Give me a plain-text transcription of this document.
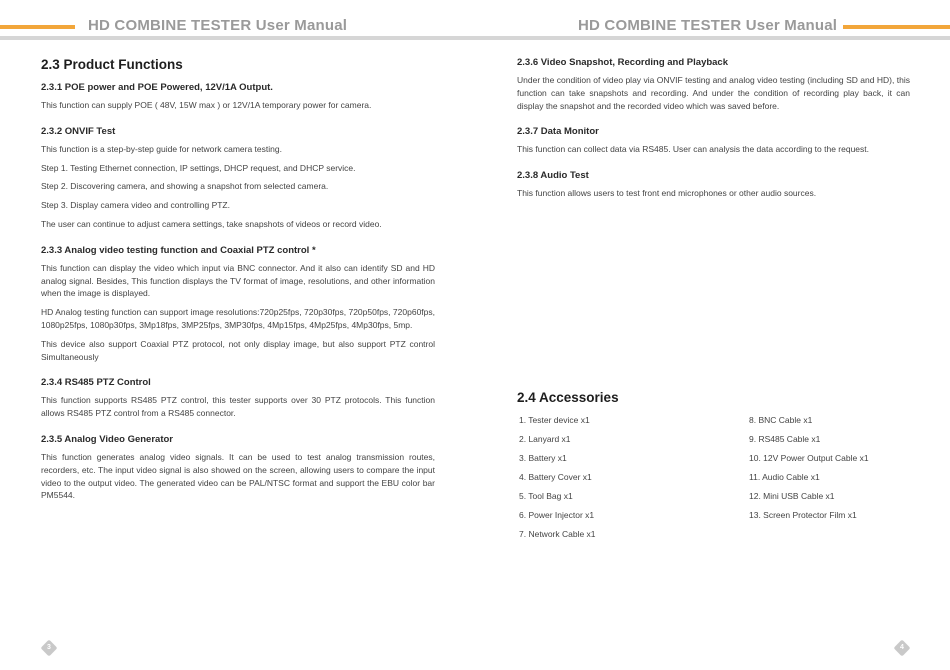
HD COMBINE TESTER User Manual
2.3 Product Functions
2.3.1 POE power and POE Powered, 12V/1A Output.

This function can supply POE ( 48V, 15W max ) or 12V/1A temporary power for camera.

2.3.2 ONVIF Test

This function is a step-by-step guide for network camera testing.

Step 1. Testing Ethernet connection, IP settings, DHCP request, and DHCP service.

Step 2. Discovering camera, and showing a snapshot from selected camera.

Step 3. Display camera video and controlling PTZ.

The user can continue to adjust camera settings, take snapshots of videos or record video.

2.3.3 Analog video testing function and Coaxial PTZ control *

This function can display the video which input via BNC connector. And it also can identify SD and HD analog signal. Besides, This function displays the TV format of image, resolutions, and other information when the image is displayed.

HD Analog testing function can support image resolutions:720p25fps, 720p30fps, 720p50fps, 720p60fps, 1080p25fps, 1080p30fps, 3Mp18fps, 3MP25fps, 3MP30fps, 4Mp15fps, 4Mp25fps, 4Mp30fps, 5mp.

This device also support Coaxial PTZ protocol, not only display image, but also support PTZ control Simultaneously

2.3.4 RS485 PTZ Control

This function supports RS485 PTZ control, this tester supports over 30 PTZ protocols. This function allows RS485 PTZ control from a RS485 connector.

2.3.5 Analog Video Generator

This function generates analog video signals. It can be used to test analog transmission routes, recorders, etc. The input video signal is also showed on the screen, allowing users to compare the input video to the output video. The generated video can be PAL/NTSC format and support the EBU color bar PM5544.

3
HD COMBINE TESTER User Manual
2.3.6 Video Snapshot, Recording and Playback

Under the condition of video play via ONVIF testing and analog video testing (including SD and HD), this function can take snapshots and recording. And under the condition of recording play back, it can display the snapshot and the recorded video which was saved before.

2.3.7 Data Monitor

This function can collect data via RS485. User can analysis the data according to the request.

2.3.8 Audio Test

This function allows users to test front end microphones or other audio sources.

2.4 Accessories
1. Tester device x1	8. BNC Cable x1
2. Lanyard x1	9. RS485 Cable x1
3. Battery x1	10. 12V Power Output Cable x1
4. Battery Cover x1	11. Audio Cable x1
5. Tool Bag x1	12. Mini USB Cable x1
6. Power Injector x1	13. Screen Protector Film x1
7. Network Cable x1
4
